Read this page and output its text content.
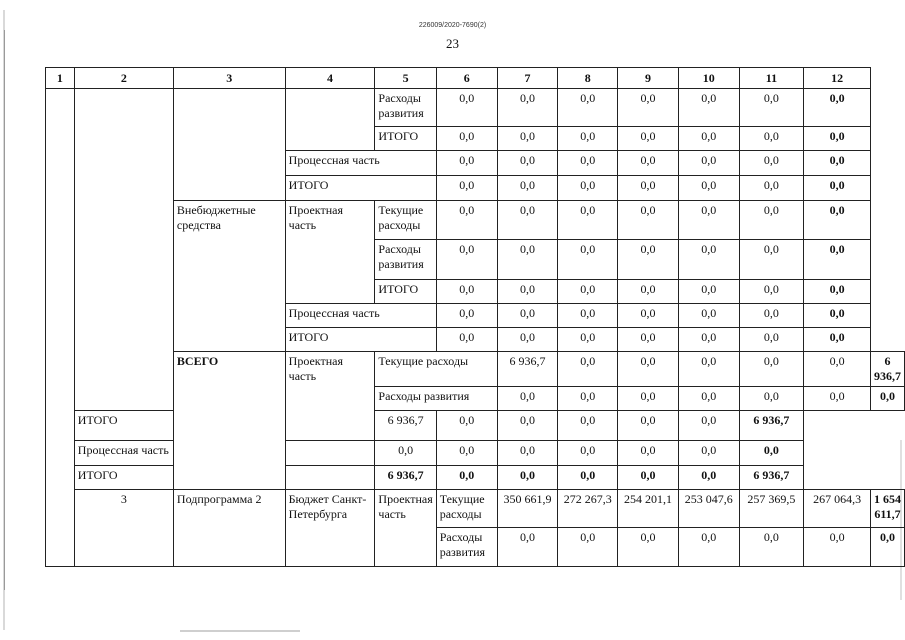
226009/2020-7690(2)
23
1	2	3	4	5	6	7	8	9	10	11	12	
				Расходы развития	0,0	0,0	0,0	0,0	0,0	0,0	0,0	
				ИТОГО	0,0	0,0	0,0	0,0	0,0	0,0	0,0	
			Процессная часть		0,0	0,0	0,0	0,0	0,0	0,0	0,0	
			ИТОГО		0,0	0,0	0,0	0,0	0,0	0,0	0,0	
		Внебюджетные средства	Проектная часть	Текущие расходы	0,0	0,0	0,0	0,0	0,0	0,0	0,0	
				Расходы развития	0,0	0,0	0,0	0,0	0,0	0,0	0,0	
				ИТОГО	0,0	0,0	0,0	0,0	0,0	0,0	0,0	
			Процессная часть		0,0	0,0	0,0	0,0	0,0	0,0	0,0	
			ИТОГО		0,0	0,0	0,0	0,0	0,0	0,0	0,0	
		ВСЕГО	Проектная часть	Текущие расходы		6 936,7	0,0	0,0	0,0	0,0	0,0	6 936,7
				Расходы развития		0,0	0,0	0,0	0,0	0,0	0,0	0,0
	ИТОГО			6 936,7	0,0	0,0	0,0	0,0	0,0	6 936,7		
	Процессная часть			0,0	0,0	0,0	0,0	0,0	0,0	0,0		
	ИТОГО			6 936,7	0,0	0,0	0,0	0,0	0,0	6 936,7		
	3	Подпрограмма 2	Бюджет Санкт-Петербурга	Проектная часть	Текущие расходы	350 661,9	272 267,3	254 201,1	253 047,6	257 369,5	267 064,3	1 654 611,7
					Расходы развития	0,0	0,0	0,0	0,0	0,0	0,0	0,0
